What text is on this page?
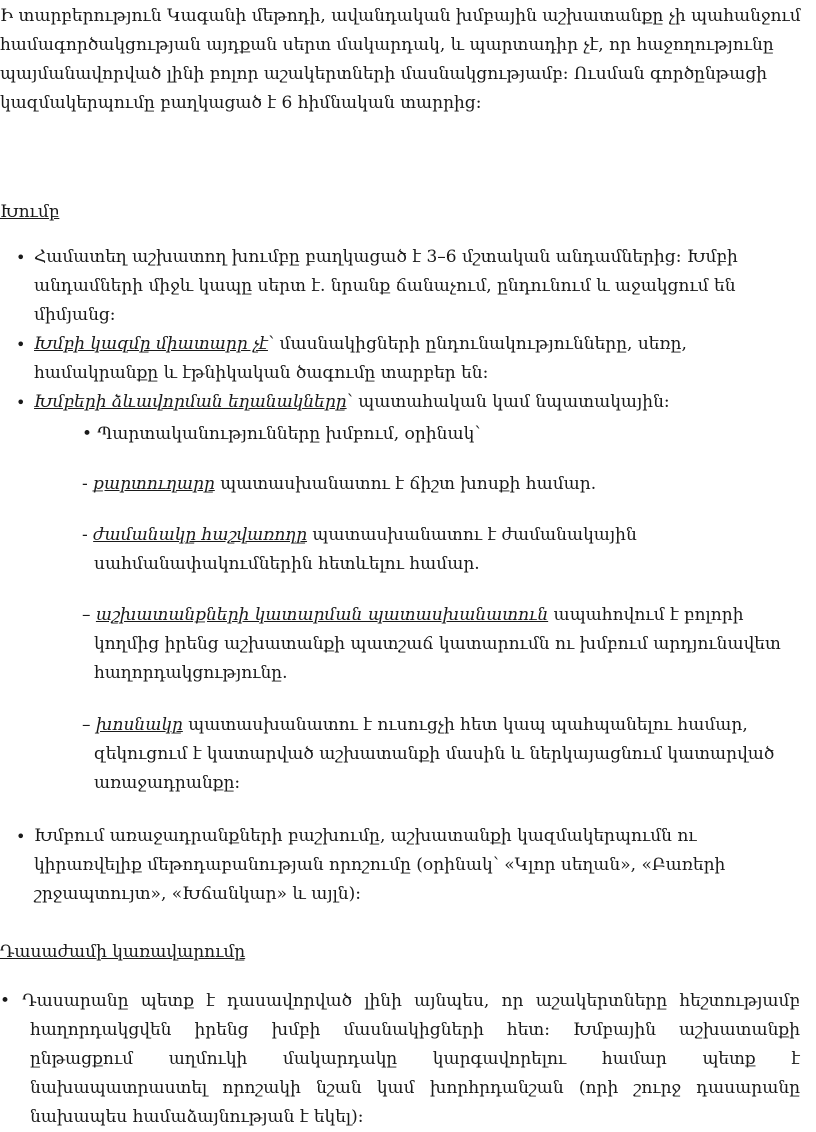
Ի տարբերություն Կագանի մեթոդի, ավանդական խմբային աշխատանքը չի պահանջում համագործակցության այդքան սերտ մակարդակ, և պարտադիր չէ, որ հաջողությունը պայմանավորված լինի բոլոր աշակերտների մասնակցությամբ։ Ուսման գործընթացի կազմակերպումը բաղկացած է 6 հիմնական տարրից։

Խումբ

• Համատեղ աշխատող խումբը բաղկացած է 3–6 մշտական անդամներից։ Խմբի անդամների միջև կապը սերտ է. նրանք ճանաչում, ընդունում և աջակցում են միմյանց։
• Խմբի կազմը միատարր չէ՝ մասնակիցների ընդունակությունները, սեռը, համակրանքը և էթնիկական ծագումը տարբեր են։
• Խմբերի ձևավորման եղանակները՝ պատահական կամ նպատակային։

• Պարտականությունները խմբում, օրինակ՝

- քարտուղարը պատասխանատու է ճիշտ խոսքի համար.

- ժամանակը հաշվառողը պատասխանատու է ժամանակային սահմանափակումներին հետևելու համար.

– աշխատանքների կատարման պատասխանատուն ապահովում է բոլորի կողմից իրենց աշխատանքի պատշաճ կատարումն ու խմբում արդյունավետ հաղորդակցությունը.

– խոսնակը պատասխանատու է ուսուցչի հետ կապ պահպանելու համար, զեկուցում է կատարված աշխատանքի մասին և ներկայացնում կատարված առաջադրանքը։

• Խմբում առաջադրանքների բաշխումը, աշխատանքի կազմակերպումն ու կիրառվելիք մեթոդաբանության որոշումը (օրինակ՝ «Կլոր սեղան», «Բառերի շրջապտույտ», «Խճանկար» և այլն)։

Դասաժամի կառավարումը

• Դասարանը պետք է դասավորված լինի այնպես, որ աշակերտները հեշտությամբ հաղորդակցվեն իրենց խմբի մասնակիցների հետ։ Խմբային աշխատանքի ընթացքում աղմուկի մակարդակը կարգավորելու համար պետք է նախապատրաստել որոշակի նշան կամ խորհրդանշան (որի շուրջ դասարանը նախապես համաձայնության է եկել)։
